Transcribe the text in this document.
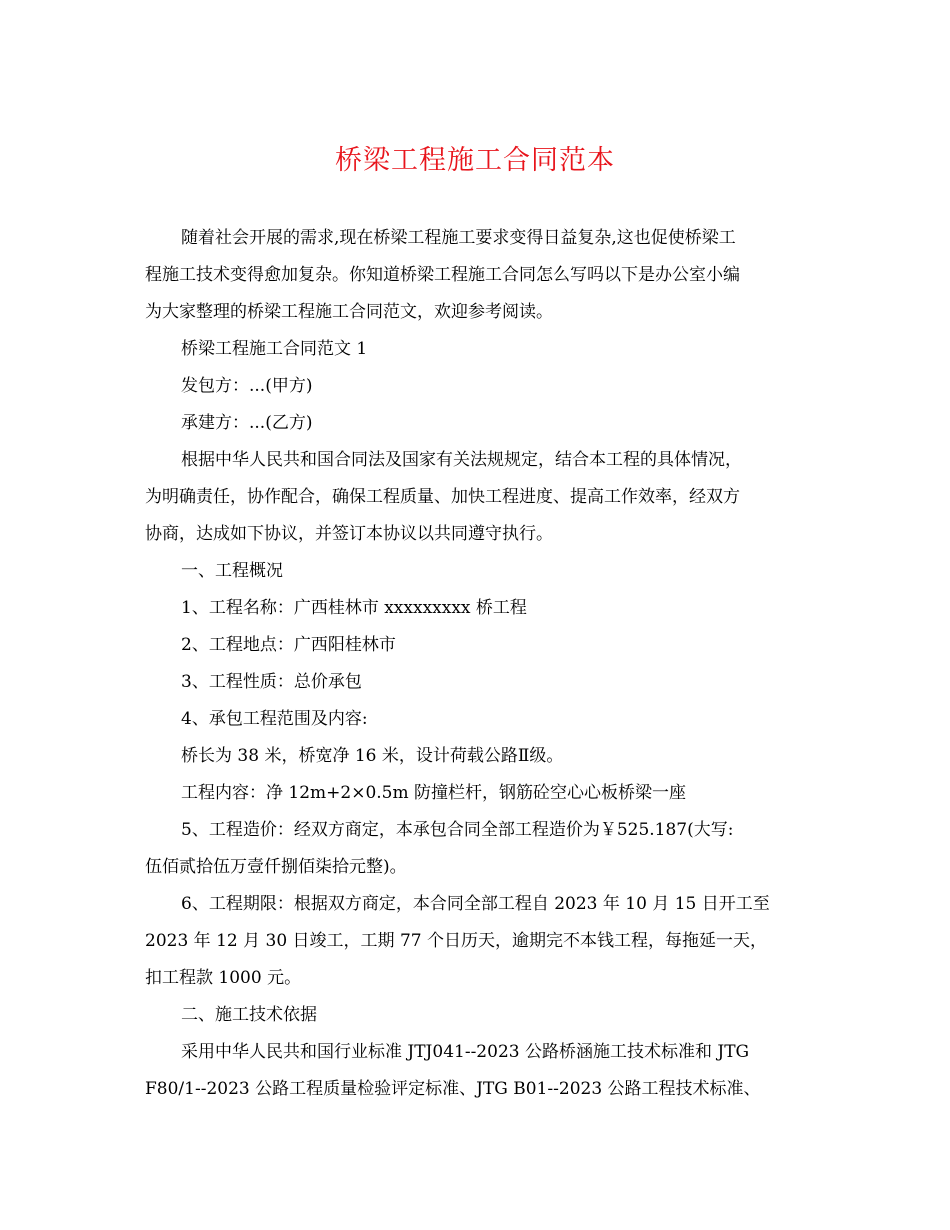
桥梁工程施工合同范本

随着社会开展的需求,现在桥梁工程施工要求变得日益复杂,这也促使桥梁工

程施工技术变得愈加复杂。你知道桥梁工程施工合同怎么写吗以下是办公室小编

为大家整理的桥梁工程施工合同范文，欢迎参考阅读。

桥梁工程施工合同范文 1

发包方：...(甲方)

承建方：...(乙方)

根据中华人民共和国合同法及国家有关法规规定，结合本工程的具体情况，

为明确责任，协作配合，确保工程质量、加快工程进度、提高工作效率，经双方

协商，达成如下协议，并签订本协议以共同遵守执行。

一、工程概况

1、工程名称：广西桂林市 xxxxxxxxx 桥工程

2、工程地点：广西阳桂林市

3、工程性质：总价承包

4、承包工程范围及内容:

桥长为 38 米，桥宽净 16 米，设计荷载公路Ⅱ级。

工程内容：净 12m+2×0.5m 防撞栏杆，钢筋砼空心心板桥梁一座

5、工程造价：经双方商定，本承包合同全部工程造价为￥525.187(大写:

伍佰贰拾伍万壹仟捌佰柒拾元整)。

6、工程期限：根据双方商定，本合同全部工程自 2023 年 10 月 15 日开工至

2023 年 12 月 30 日竣工，工期 77 个日历天，逾期完不本钱工程，每拖延一天，

扣工程款 1000 元。

二、施工技术依据

采用中华人民共和国行业标准 JTJ041--2023 公路桥涵施工技术标准和 JTG

F80/1--2023 公路工程质量检验评定标准、JTG B01--2023 公路工程技术标准、
